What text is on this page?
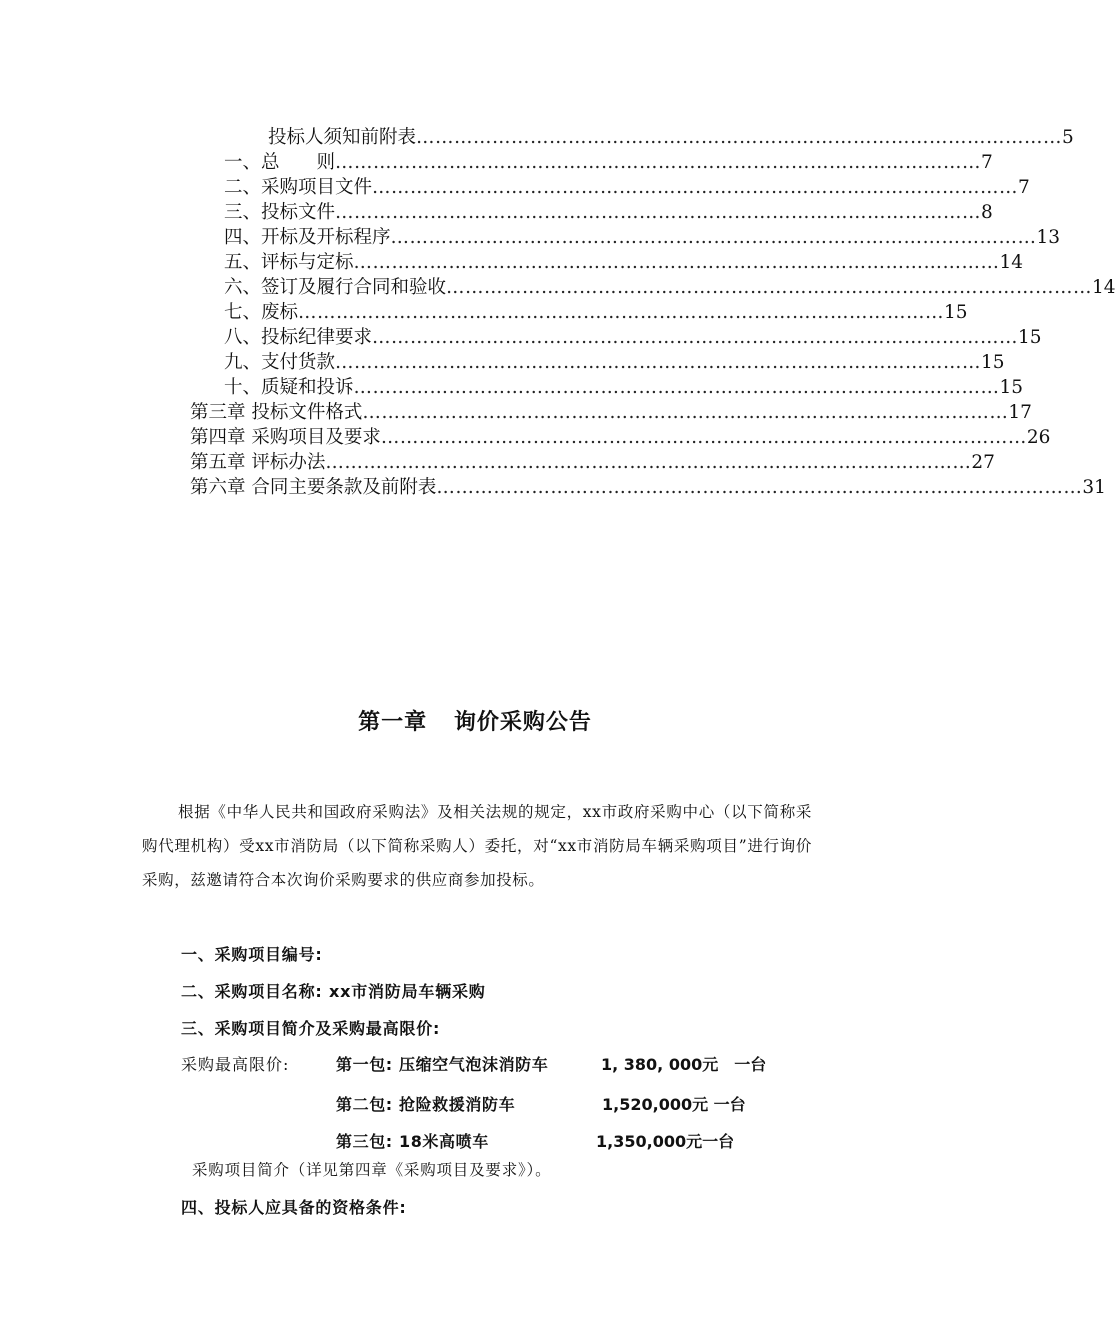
投标人须知前附表 ………………………………………………………………………………………… 5
一、总　　则 ………………………………………………………………………………………… 7
二、采购项目文件 ………………………………………………………………………………………… 7
三、投标文件 ………………………………………………………………………………………… 8
四、开标及开标程序 ………………………………………………………………………………………… 13
五、评标与定标 ………………………………………………………………………………………… 14
六、签订及履行合同和验收 ………………………………………………………………………………………… 14
七、废标 ………………………………………………………………………………………… 15
八、投标纪律要求 ………………………………………………………………………………………… 15
九、支付货款 ………………………………………………………………………………………… 15
十、质疑和投诉 ………………………………………………………………………………………… 15
第三章 投标文件格式 ………………………………………………………………………………………… 17
第四章 采购项目及要求 ………………………………………………………………………………………… 26
第五章 评标办法 ………………………………………………………………………………………… 27
第六章 合同主要条款及前附表 ………………………………………………………………………………………… 31
第一章 询价采购公告
根据《中华人民共和国政府采购法》及相关法规的规定，xx市政府采购中心（以下简称采购代理机构）受xx市消防局（以下简称采购人）委托，对“xx市消防局车辆采购项目”进行询价采购，兹邀请符合本次询价采购要求的供应商参加投标。
一、采购项目编号:
二、采购项目名称: xx市消防局车辆采购
三、采购项目简介及采购最高限价:
采购最高限价:	第一包: 压缩空气泡沫消防车	1, 380, 000元　一台
第二包: 抢险救援消防车	1,520,000元 一台
第三包: 18米高喷车	1,350,000元一台
采购项目简介（详见第四章《采购项目及要求》）。
四、投标人应具备的资格条件:
